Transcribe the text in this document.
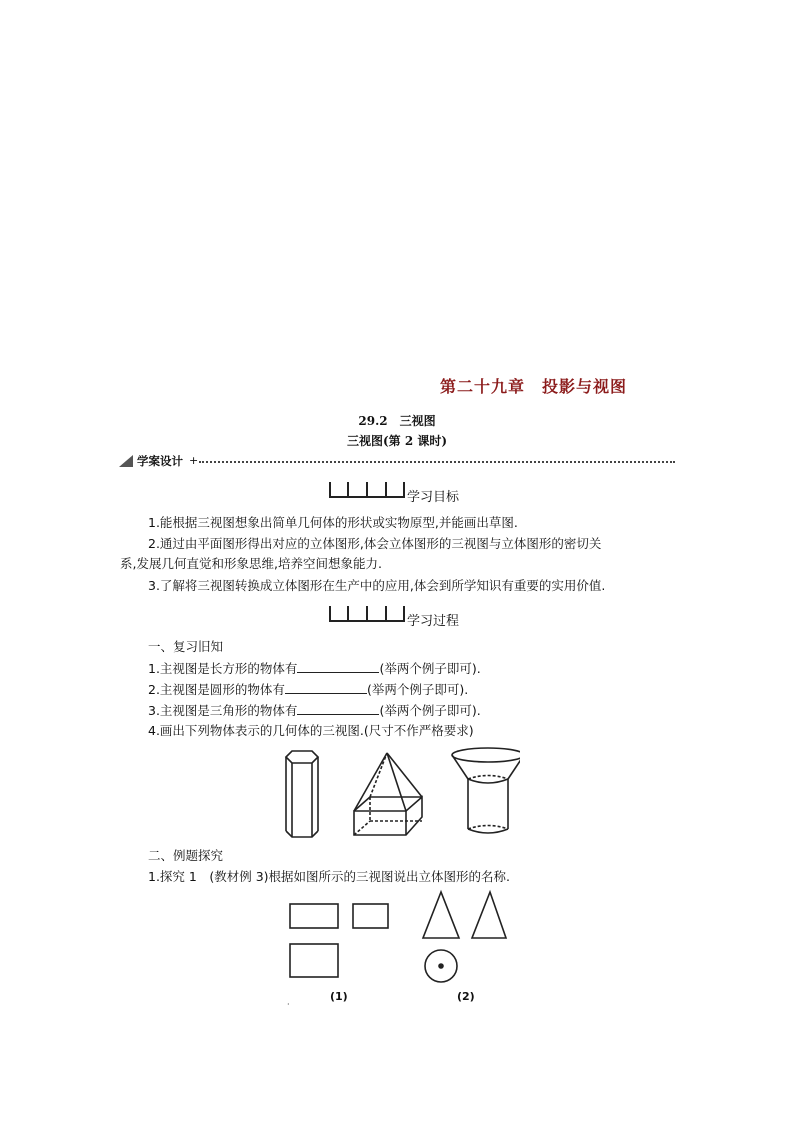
第二十九章　投影与视图
29.2　三视图
三视图(第 2 课时)
学案设计 +
学习目标
1.能根据三视图想象出简单几何体的形状或实物原型,并能画出草图.
2.通过由平面图形得出对应的立体图形,体会立体图形的三视图与立体图形的密切关
系,发展几何直觉和形象思维,培养空间想象能力.
3.了解将三视图转换成立体图形在生产中的应用,体会到所学知识有重要的实用价值.
学习过程
一、复习旧知
1.主视图是长方形的物体有	(举两个例子即可).
2.主视图是圆形的物体有	(举两个例子即可).
3.主视图是三角形的物体有	(举两个例子即可).
4.画出下列物体表示的几何体的三视图.(尺寸不作严格要求)
二、例题探究
1.探究 1　(教材例 3)根据如图所示的三视图说出立体图形的名称.
(1)	(2)
·
